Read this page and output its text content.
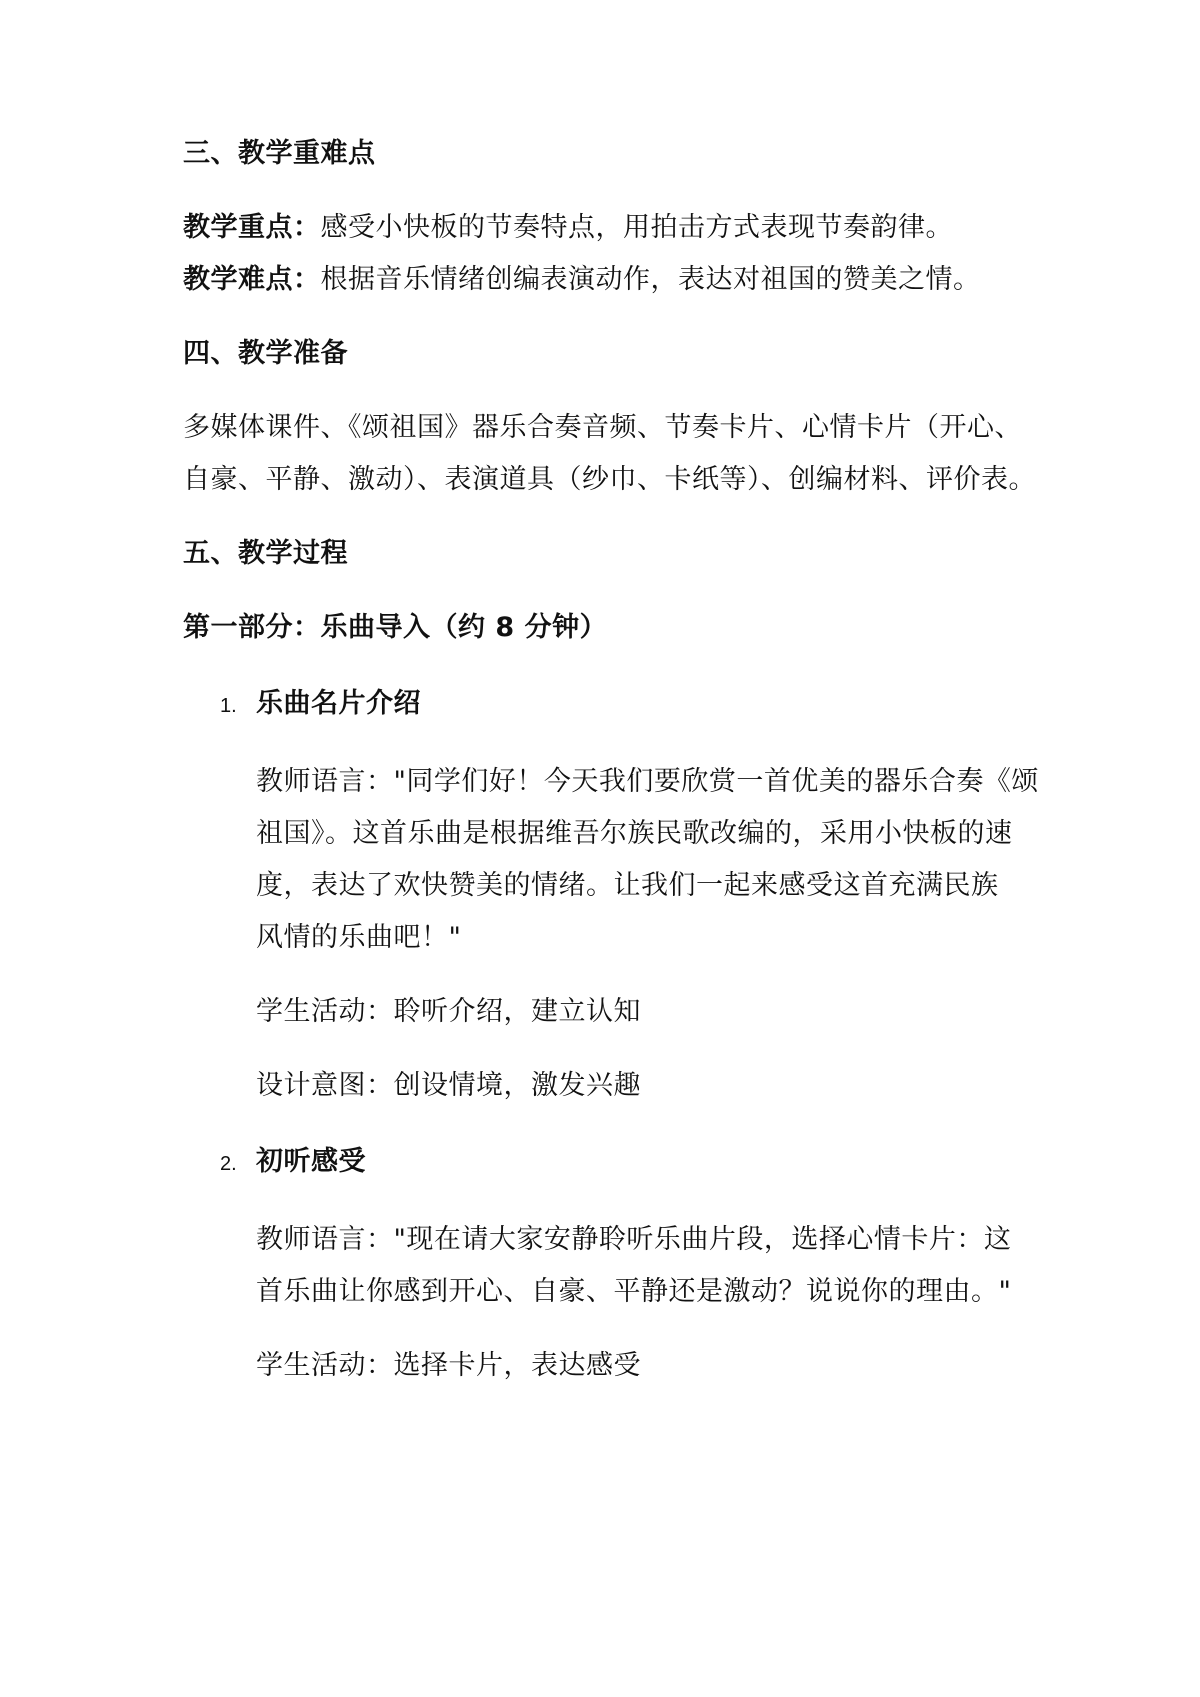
三、教学重难点
教学重点：感受小快板的节奏特点，用拍击方式表现节奏韵律。
教学难点：根据音乐情绪创编表演动作，表达对祖国的赞美之情。
四、教学准备
多媒体课件、《颂祖国》器乐合奏音频、节奏卡片、心情卡片（开心、
自豪、平静、激动）、表演道具（纱巾、卡纸等）、创编材料、评价表。
五、教学过程
第一部分：乐曲导入（约 8 分钟）
1. 乐曲名片介绍
教师语言："同学们好！今天我们要欣赏一首优美的器乐合奏《颂
祖国》。这首乐曲是根据维吾尔族民歌改编的，采用小快板的速
度，表达了欢快赞美的情绪。让我们一起来感受这首充满民族
风情的乐曲吧！"
学生活动：聆听介绍，建立认知
设计意图：创设情境，激发兴趣
2. 初听感受
教师语言："现在请大家安静聆听乐曲片段，选择心情卡片：这
首乐曲让你感到开心、自豪、平静还是激动？说说你的理由。"
学生活动：选择卡片，表达感受
